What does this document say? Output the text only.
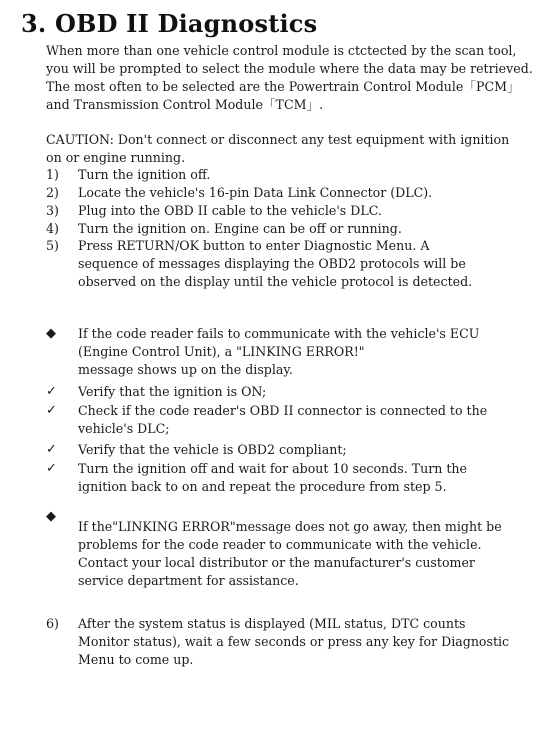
3. OBD II Diagnostics

When more than one vehicle control module is ctctected by the scan tool,
you will be prompted to select the module where the data may be retrieved.
The most often to be selected are the Powertrain Control Module「PCM」
and Transmission Control Module「TCM」.

CAUTION: Don't connect or disconnect any test equipment with ignition
on or engine running.

1)	Turn the ignition off.
2)	Locate the vehicle's 16-pin Data Link Connector (DLC).
3)	Plug into the OBD II cable to the vehicle's DLC.
4)	Turn the ignition on. Engine can be off or running.
5)	Press RETURN/OK button to enter Diagnostic Menu. A
sequence of messages displaying the OBD2 protocols will be
observed on the display until the vehicle protocol is detected.
◆	If the code reader fails to communicate with the vehicle's ECU
(Engine Control Unit), a "LINKING ERROR!"
message shows up on the display.
✓	Verify that the ignition is ON;
✓	Check if the code reader's OBD II connector is connected to the
vehicle's DLC;
✓	Verify that the vehicle is OBD2 compliant;
✓	Turn the ignition off and wait for about 10 seconds. Turn the
ignition back to on and repeat the procedure from step 5.
◆
If the"LINKING ERROR"message does not go away, then might be
problems for the code reader to communicate with the vehicle.
Contact your local distributor or the manufacturer's customer
service department for assistance.
6)	After the system status is displayed (MIL status, DTC counts
Monitor status), wait a few seconds or press any key for Diagnostic
Menu to come up.
